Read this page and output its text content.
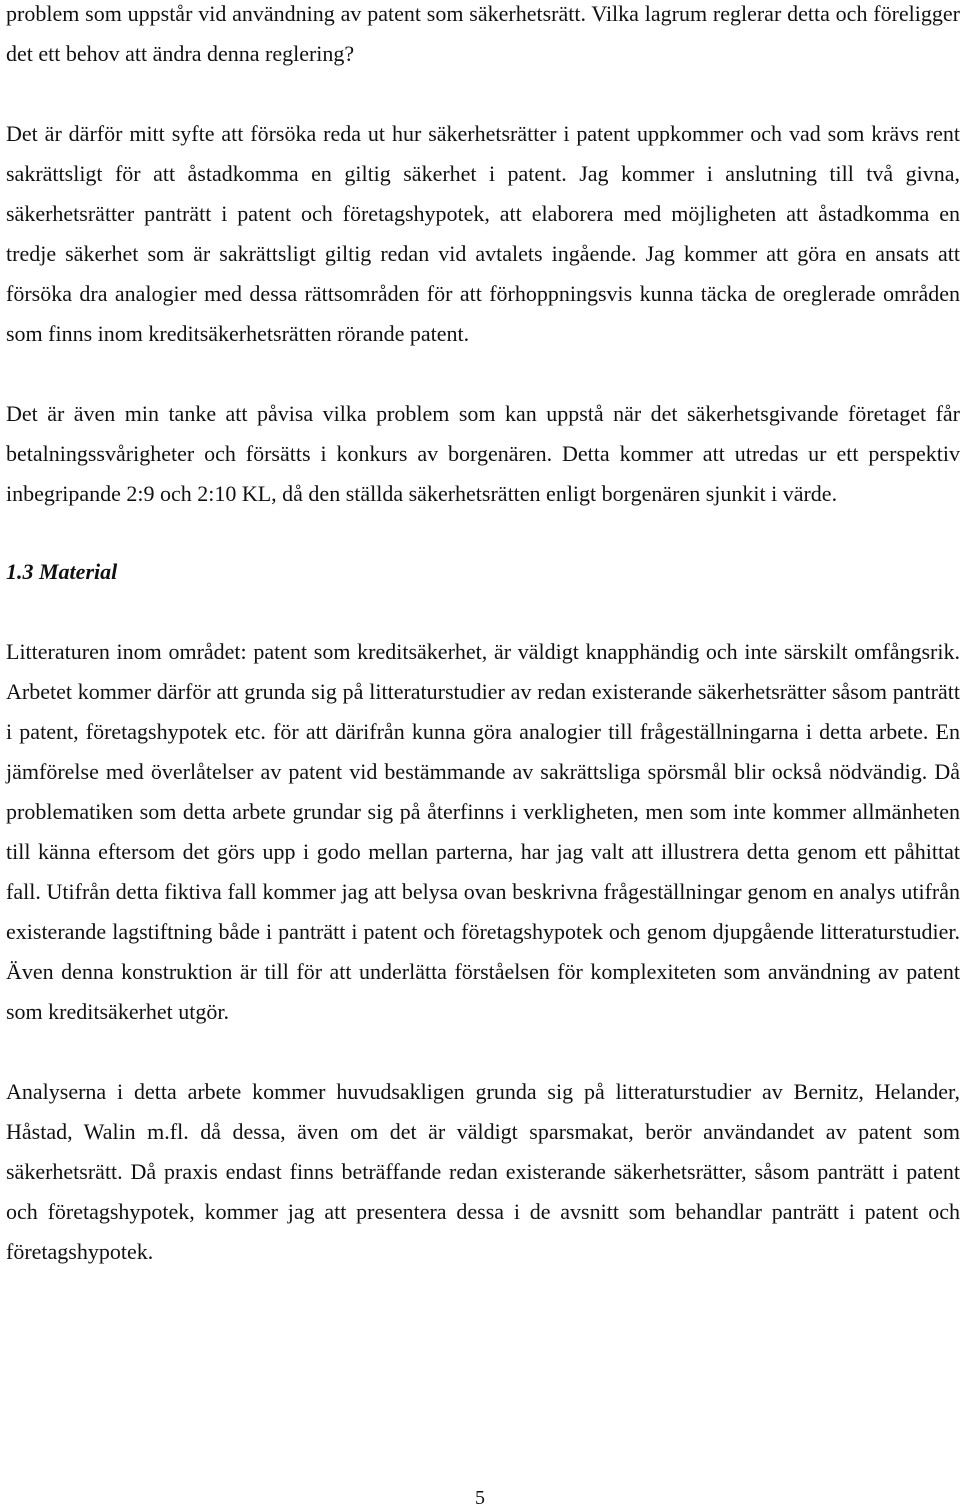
problem som uppstår vid användning av patent som säkerhetsrätt. Vilka lagrum reglerar detta och föreligger det ett behov att ändra denna reglering?

Det är därför mitt syfte att försöka reda ut hur säkerhetsrätter i patent uppkommer och vad som krävs rent sakrättsligt för att åstadkomma en giltig säkerhet i patent. Jag kommer i anslutning till två givna, säkerhetsrätter panträtt i patent och företagshypotek, att elaborera med möjligheten att åstadkomma en tredje säkerhet som är sakrättsligt giltig redan vid avtalets ingående. Jag kommer att göra en ansats att försöka dra analogier med dessa rättsområden för att förhoppningsvis kunna täcka de oreglerade områden som finns inom kreditsäkerhetsrätten rörande patent.

Det är även min tanke att påvisa vilka problem som kan uppstå när det säkerhetsgivande företaget får betalningssvårigheter och försätts i konkurs av borgenären. Detta kommer att utredas ur ett perspektiv inbegripande 2:9 och 2:10 KL, då den ställda säkerhetsrätten enligt borgenären sjunkit i värde.

1.3 Material

Litteraturen inom området: patent som kreditsäkerhet, är väldigt knapphändig och inte särskilt omfångsrik. Arbetet kommer därför att grunda sig på litteraturstudier av redan existerande säkerhetsrätter såsom panträtt i patent, företagshypotek etc. för att därifrån kunna göra analogier till frågeställningarna i detta arbete. En jämförelse med överlåtelser av patent vid bestämmande av sakrättsliga spörsmål blir också nödvändig. Då problematiken som detta arbete grundar sig på återfinns i verkligheten, men som inte kommer allmänheten till känna eftersom det görs upp i godo mellan parterna, har jag valt att illustrera detta genom ett påhittat fall. Utifrån detta fiktiva fall kommer jag att belysa ovan beskrivna frågeställningar genom en analys utifrån existerande lagstiftning både i panträtt i patent och företagshypotek och genom djupgående litteraturstudier. Även denna konstruktion är till för att underlätta förståelsen för komplexiteten som användning av patent som kreditsäkerhet utgör.

Analyserna i detta arbete kommer huvudsakligen grunda sig på litteraturstudier av Bernitz, Helander, Håstad, Walin m.fl. då dessa, även om det är väldigt sparsmakat, berör användandet av patent som säkerhetsrätt. Då praxis endast finns beträffande redan existerande säkerhetsrätter, såsom panträtt i patent och företagshypotek, kommer jag att presentera dessa i de avsnitt som behandlar panträtt i patent och företagshypotek.

5
